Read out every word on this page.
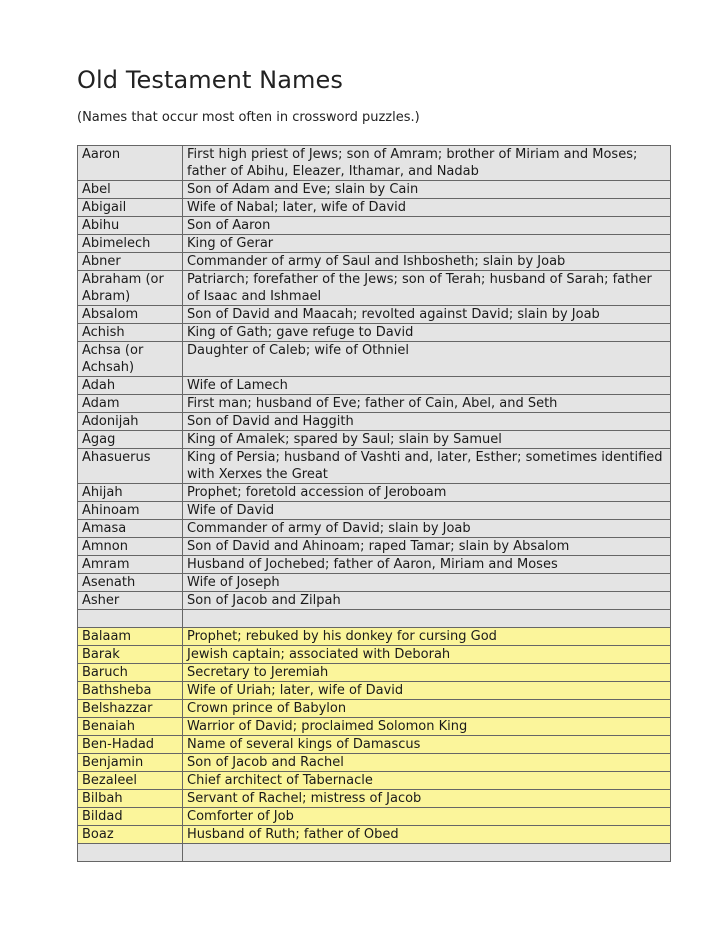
Old Testament Names

(Names that occur most often in crossword puzzles.)

Aaron	First high priest of Jews; son of Amram; brother of Miriam and Moses; father of Abihu, Eleazer, Ithamar, and Nadab
Abel	Son of Adam and Eve; slain by Cain
Abigail	Wife of Nabal; later, wife of David
Abihu	Son of Aaron
Abimelech	King of Gerar
Abner	Commander of army of Saul and Ishbosheth; slain by Joab
Abraham (or Abram)	Patriarch; forefather of the Jews; son of Terah; husband of Sarah; father of Isaac and Ishmael
Absalom	Son of David and Maacah; revolted against David; slain by Joab
Achish	King of Gath; gave refuge to David
Achsa (or Achsah)	Daughter of Caleb; wife of Othniel
Adah	Wife of Lamech
Adam	First man; husband of Eve; father of Cain, Abel, and Seth
Adonijah	Son of David and Haggith
Agag	King of Amalek; spared by Saul; slain by Samuel
Ahasuerus	King of Persia; husband of Vashti and, later, Esther; sometimes identified with Xerxes the Great
Ahijah	Prophet; foretold accession of Jeroboam
Ahinoam	Wife of David
Amasa	Commander of army of David; slain by Joab
Amnon	Son of David and Ahinoam; raped Tamar; slain by Absalom
Amram	Husband of Jochebed; father of Aaron, Miriam and Moses
Asenath	Wife of Joseph
Asher	Son of Jacob and Zilpah

Balaam	Prophet; rebuked by his donkey for cursing God
Barak	Jewish captain; associated with Deborah
Baruch	Secretary to Jeremiah
Bathsheba	Wife of Uriah; later, wife of David
Belshazzar	Crown prince of Babylon
Benaiah	Warrior of David; proclaimed Solomon King
Ben-Hadad	Name of several kings of Damascus
Benjamin	Son of Jacob and Rachel
Bezaleel	Chief architect of Tabernacle
Bilbah	Servant of Rachel; mistress of Jacob
Bildad	Comforter of Job
Boaz	Husband of Ruth; father of Obed
